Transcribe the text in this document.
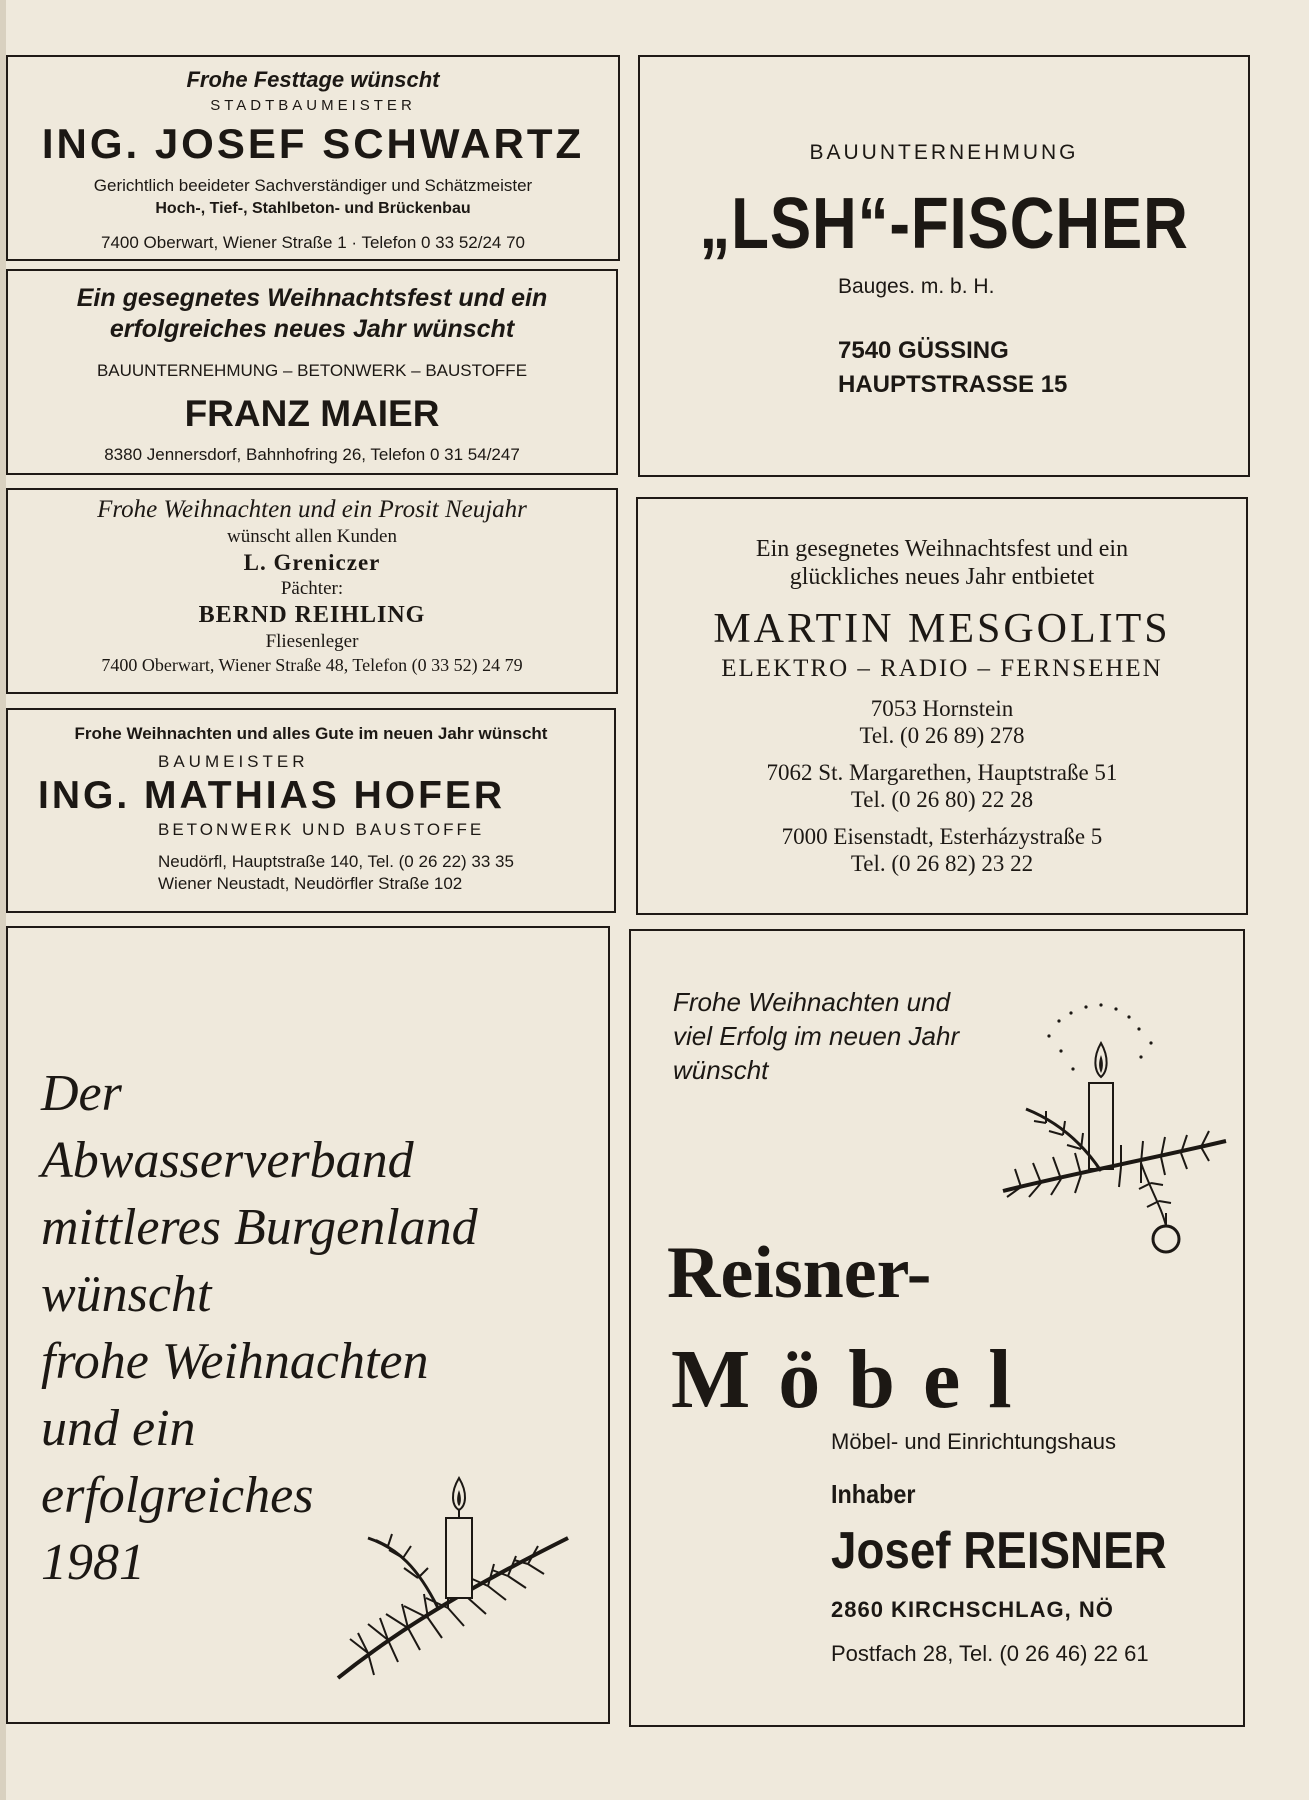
Frohe Festtage wünscht
STADTBAUMEISTER
ING. JOSEF SCHWARTZ
Gerichtlich beeideter Sachverständiger und Schätzmeister
Hoch-, Tief-, Stahlbeton- und Brückenbau
7400 Oberwart, Wiener Straße 1 · Telefon 0 33 52/24 70
Ein gesegnetes Weihnachtsfest und ein
erfolgreiches neues Jahr wünscht
BAUUNTERNEHMUNG – BETONWERK – BAUSTOFFE
FRANZ MAIER
8380 Jennersdorf, Bahnhofring 26, Telefon 0 31 54/247
Frohe Weihnachten und ein Prosit Neujahr
wünscht allen Kunden
L. Greniczer
Pächter:
BERND REIHLING
Fliesenleger
7400 Oberwart, Wiener Straße 48, Telefon (0 33 52) 24 79
Frohe Weihnachten und alles Gute im neuen Jahr wünscht
BAUMEISTER
ING. MATHIAS HOFER
BETONWERK UND BAUSTOFFE
Neudörfl, Hauptstraße 140, Tel. (0 26 22) 33 35
Wiener Neustadt, Neudörfler Straße 102
BAUUNTERNEHMUNG
„LSH“-FISCHER
Bauges. m. b. H.
7540 GÜSSING
HAUPTSTRASSE 15
Ein gesegnetes Weihnachtsfest und ein
glückliches neues Jahr entbietet
MARTIN MESGOLITS
ELEKTRO – RADIO – FERNSEHEN
7053 Hornstein
Tel. (0 26 89) 278
7062 St. Margarethen, Hauptstraße 51
Tel. (0 26 80) 22 28
7000 Eisenstadt, Esterházystraße 5
Tel. (0 26 82) 23 22
Der
Abwasserverband
mittleres Burgenland
wünscht
frohe Weihnachten
und ein
erfolgreiches
1981
Frohe Weihnachten und
viel Erfolg im neuen Jahr
wünscht
Reisner-
Möbel
Möbel- und Einrichtungshaus
Inhaber
Josef REISNER
2860 KIRCHSCHLAG, NÖ
Postfach 28, Tel. (0 26 46) 22 61
